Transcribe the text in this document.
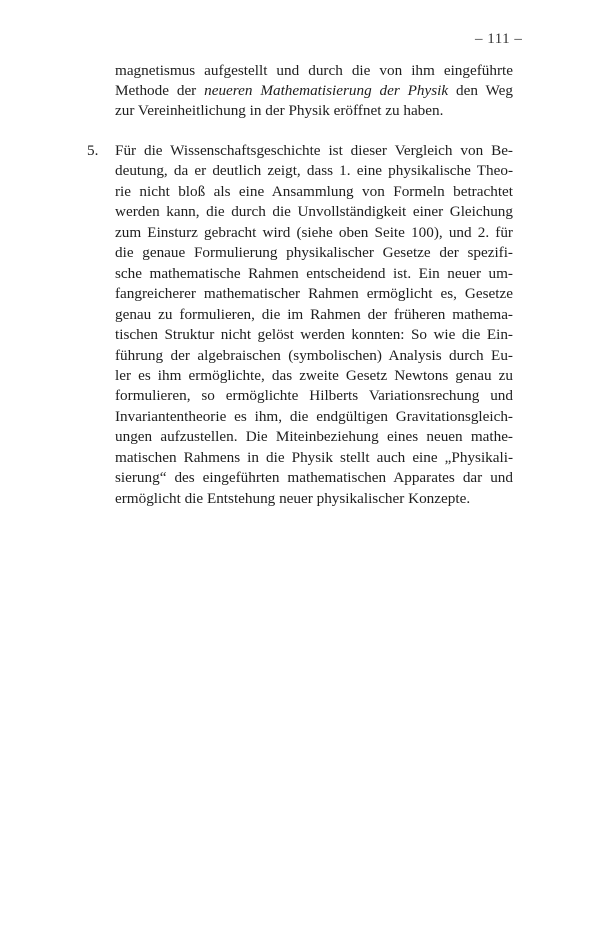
– 111 –
magnetismus aufgestellt und durch die von ihm eingeführte
Methode der neueren Mathematisierung der Physik den Weg
zur Vereinheitlichung in der Physik eröffnet zu haben.
5. Für die Wissenschaftsgeschichte ist dieser Vergleich von Be-
deutung, da er deutlich zeigt, dass 1. eine physikalische Theo-
rie nicht bloß als eine Ansammlung von Formeln betrachtet
werden kann, die durch die Unvollständigkeit einer Gleichung
zum Einsturz gebracht wird (siehe oben Seite 100), und 2. für
die genaue Formulierung physikalischer Gesetze der spezifi-
sche mathematische Rahmen entscheidend ist. Ein neuer um-
fangreicherer mathematischer Rahmen ermöglicht es, Gesetze
genau zu formulieren, die im Rahmen der früheren mathema-
tischen Struktur nicht gelöst werden konnten: So wie die Ein-
führung der algebraischen (symbolischen) Analysis durch Eu-
ler es ihm ermöglichte, das zweite Gesetz Newtons genau zu
formulieren, so ermöglichte Hilberts Variationsrechung und
Invariantentheorie es ihm, die endgültigen Gravitationsgleich-
ungen aufzustellen. Die Miteinbeziehung eines neuen mathe-
matischen Rahmens in die Physik stellt auch eine „Physikali-
sierung“ des eingeführten mathematischen Apparates dar und
ermöglicht die Entstehung neuer physikalischer Konzepte.
